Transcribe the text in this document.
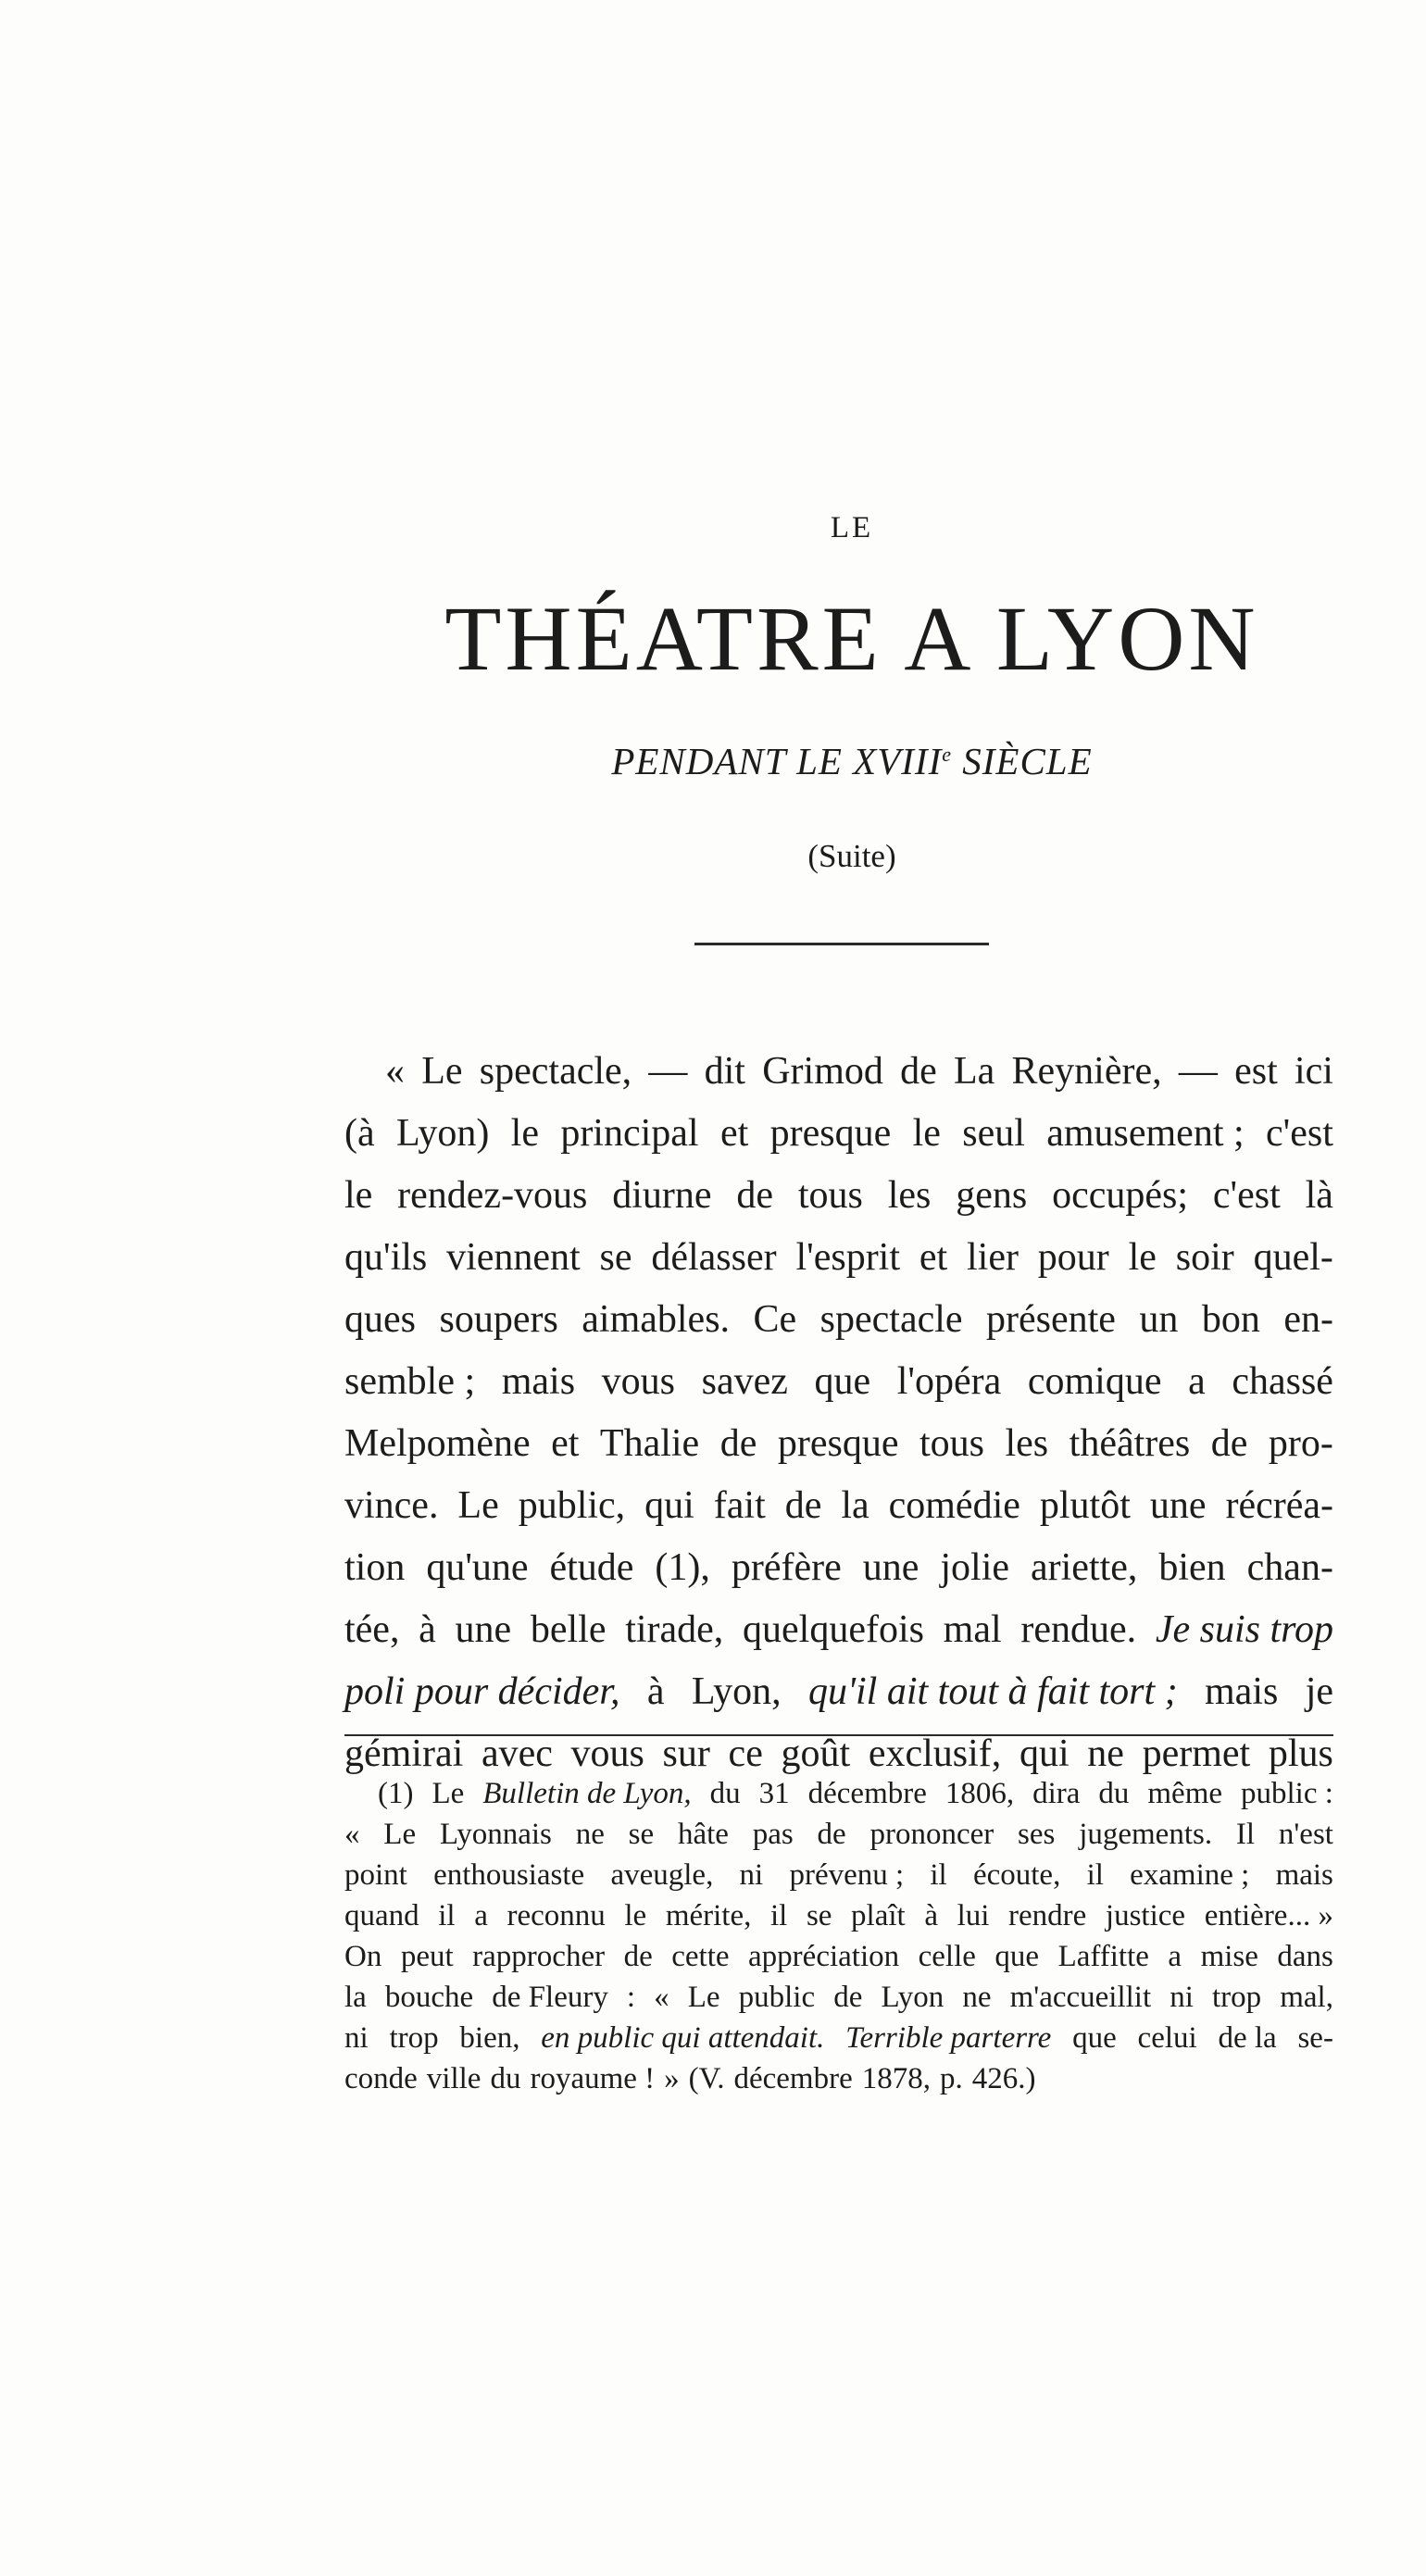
LE
THÉATRE A LYON
PENDANT LE XVIIIe SIÈCLE
(Suite)
« Le spectacle, — dit Grimod de La Reynière, — est ici
(à Lyon) le principal et presque le seul amusement ; c'est
le rendez-vous diurne de tous les gens occupés; c'est là
qu'ils viennent se délasser l'esprit et lier pour le soir quel-
ques soupers aimables. Ce spectacle présente un bon en-
semble ; mais vous savez que l'opéra comique a chassé
Melpomène et Thalie de presque tous les théâtres de pro-
vince. Le public, qui fait de la comédie plutôt une récréa-
tion qu'une étude (1), préfère une jolie ariette, bien chan-
tée, à une belle tirade, quelquefois mal rendue. Je suis trop
poli pour décider, à Lyon, qu'il ait tout à fait tort ; mais je
gémirai avec vous sur ce goût exclusif, qui ne permet plus
(1) Le Bulletin de Lyon, du 31 décembre 1806, dira du même public :
« Le Lyonnais ne se hâte pas de prononcer ses jugements. Il n'est
point enthousiaste aveugle, ni prévenu ; il écoute, il examine ; mais
quand il a reconnu le mérite, il se plaît à lui rendre justice entière... »
On peut rapprocher de cette appréciation celle que Laffitte a mise dans
la bouche de Fleury : « Le public de Lyon ne m'accueillit ni trop mal,
ni trop bien, en public qui attendait. Terrible parterre que celui de la se-
conde ville du royaume ! » (V. décembre 1878, p. 426.)
